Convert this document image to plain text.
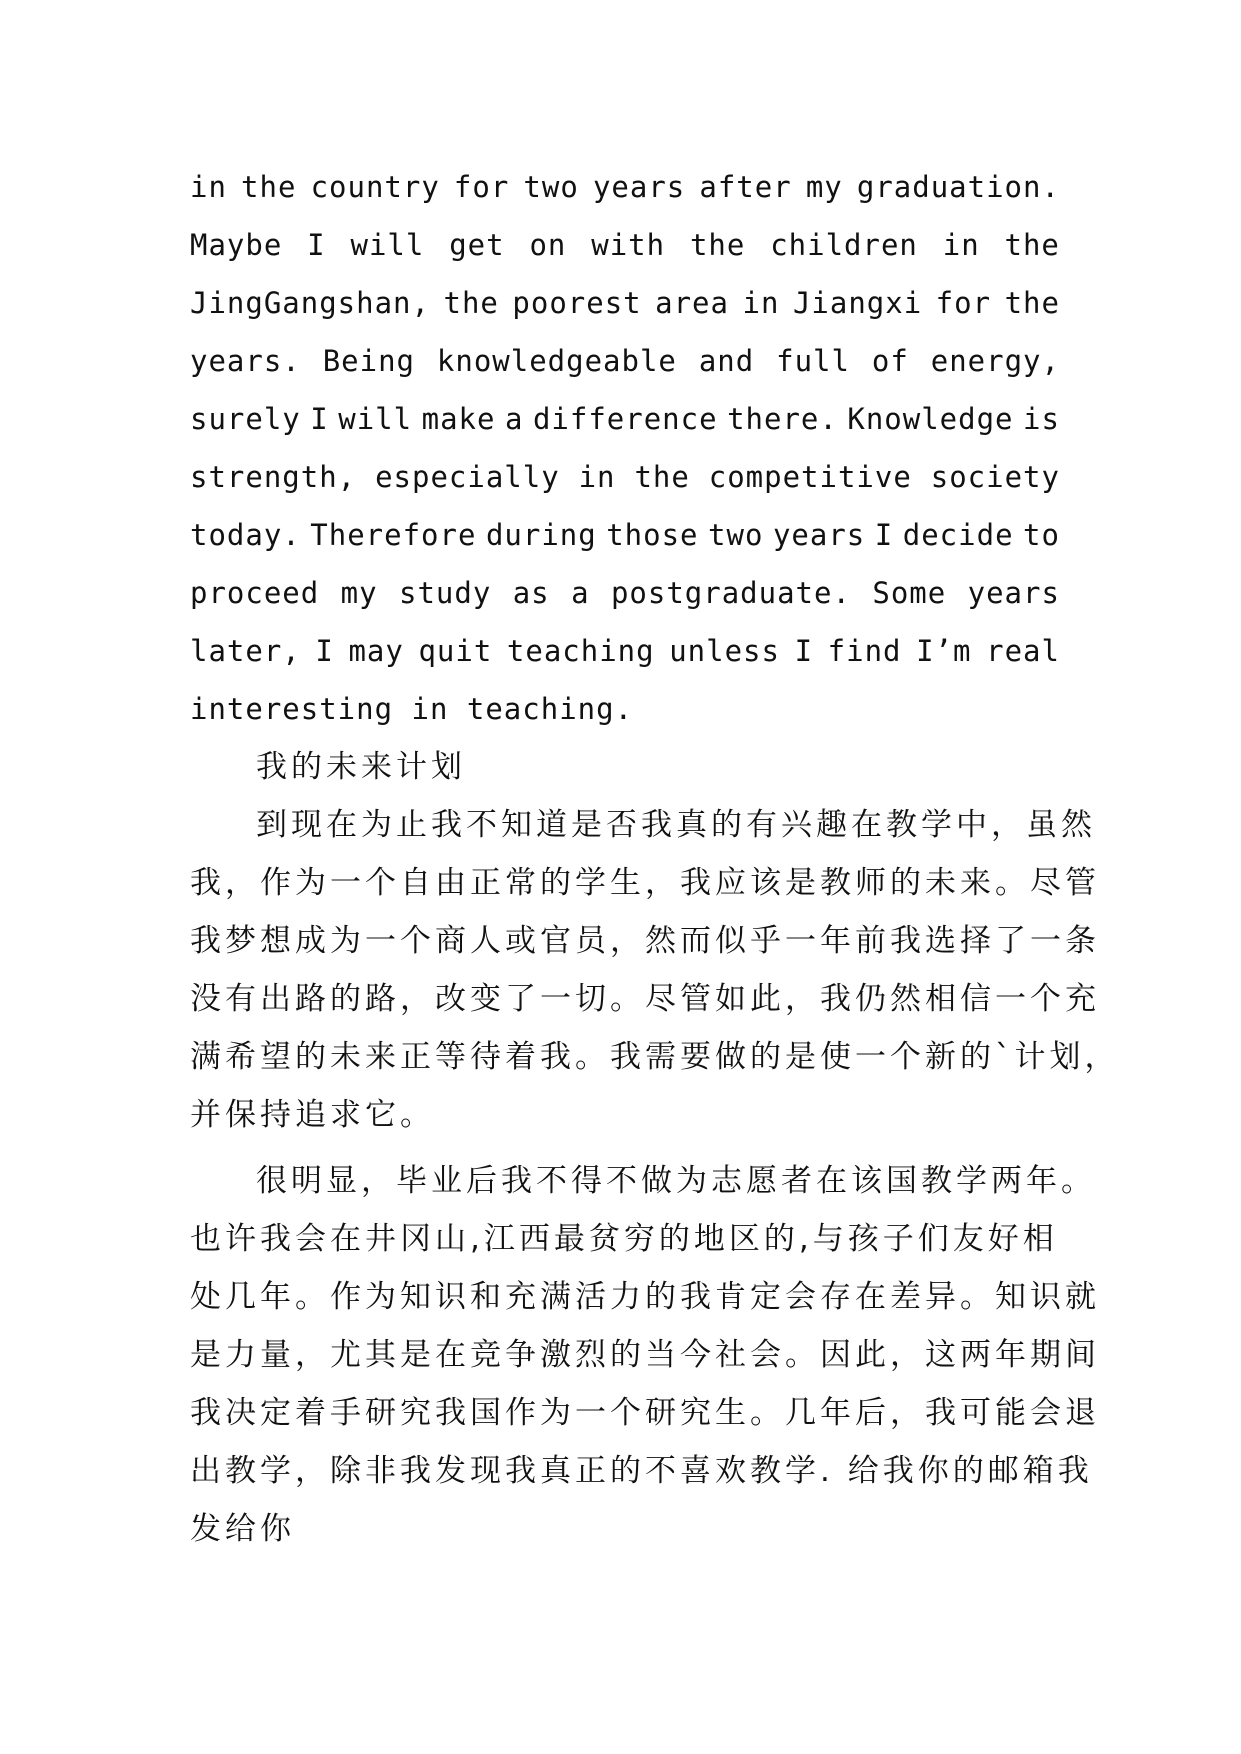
in the country for two years after my graduation.
Maybe I will get on with the children in the
JingGangshan, the poorest area in Jiangxi for the
years. Being knowledgeable and full of energy,
surely I will make a difference there. Knowledge is
strength, especially in the competitive society
today. Therefore during those two years I decide to
proceed my study as a postgraduate. Some years
later, I may quit teaching unless I find I’m real
interesting in teaching.
我的未来计划
到现在为止我不知道是否我真的有兴趣在教学中，虽然
我，作为一个自由正常的学生，我应该是教师的未来。尽管
我梦想成为一个商人或官员，然而似乎一年前我选择了一条
没有出路的路，改变了一切。尽管如此，我仍然相信一个充
满希望的未来正等待着我。我需要做的是使一个新的`计划，
并保持追求它。
很明显，毕业后我不得不做为志愿者在该国教学两年。
也许我会在井冈山,江西最贫穷的地区的,与孩子们友好相
处几年。作为知识和充满活力的我肯定会存在差异。知识就
是力量，尤其是在竞争激烈的当今社会。因此，这两年期间
我决定着手研究我国作为一个研究生。几年后，我可能会退
出教学，除非我发现我真正的不喜欢教学. 给我你的邮箱我
发给你
